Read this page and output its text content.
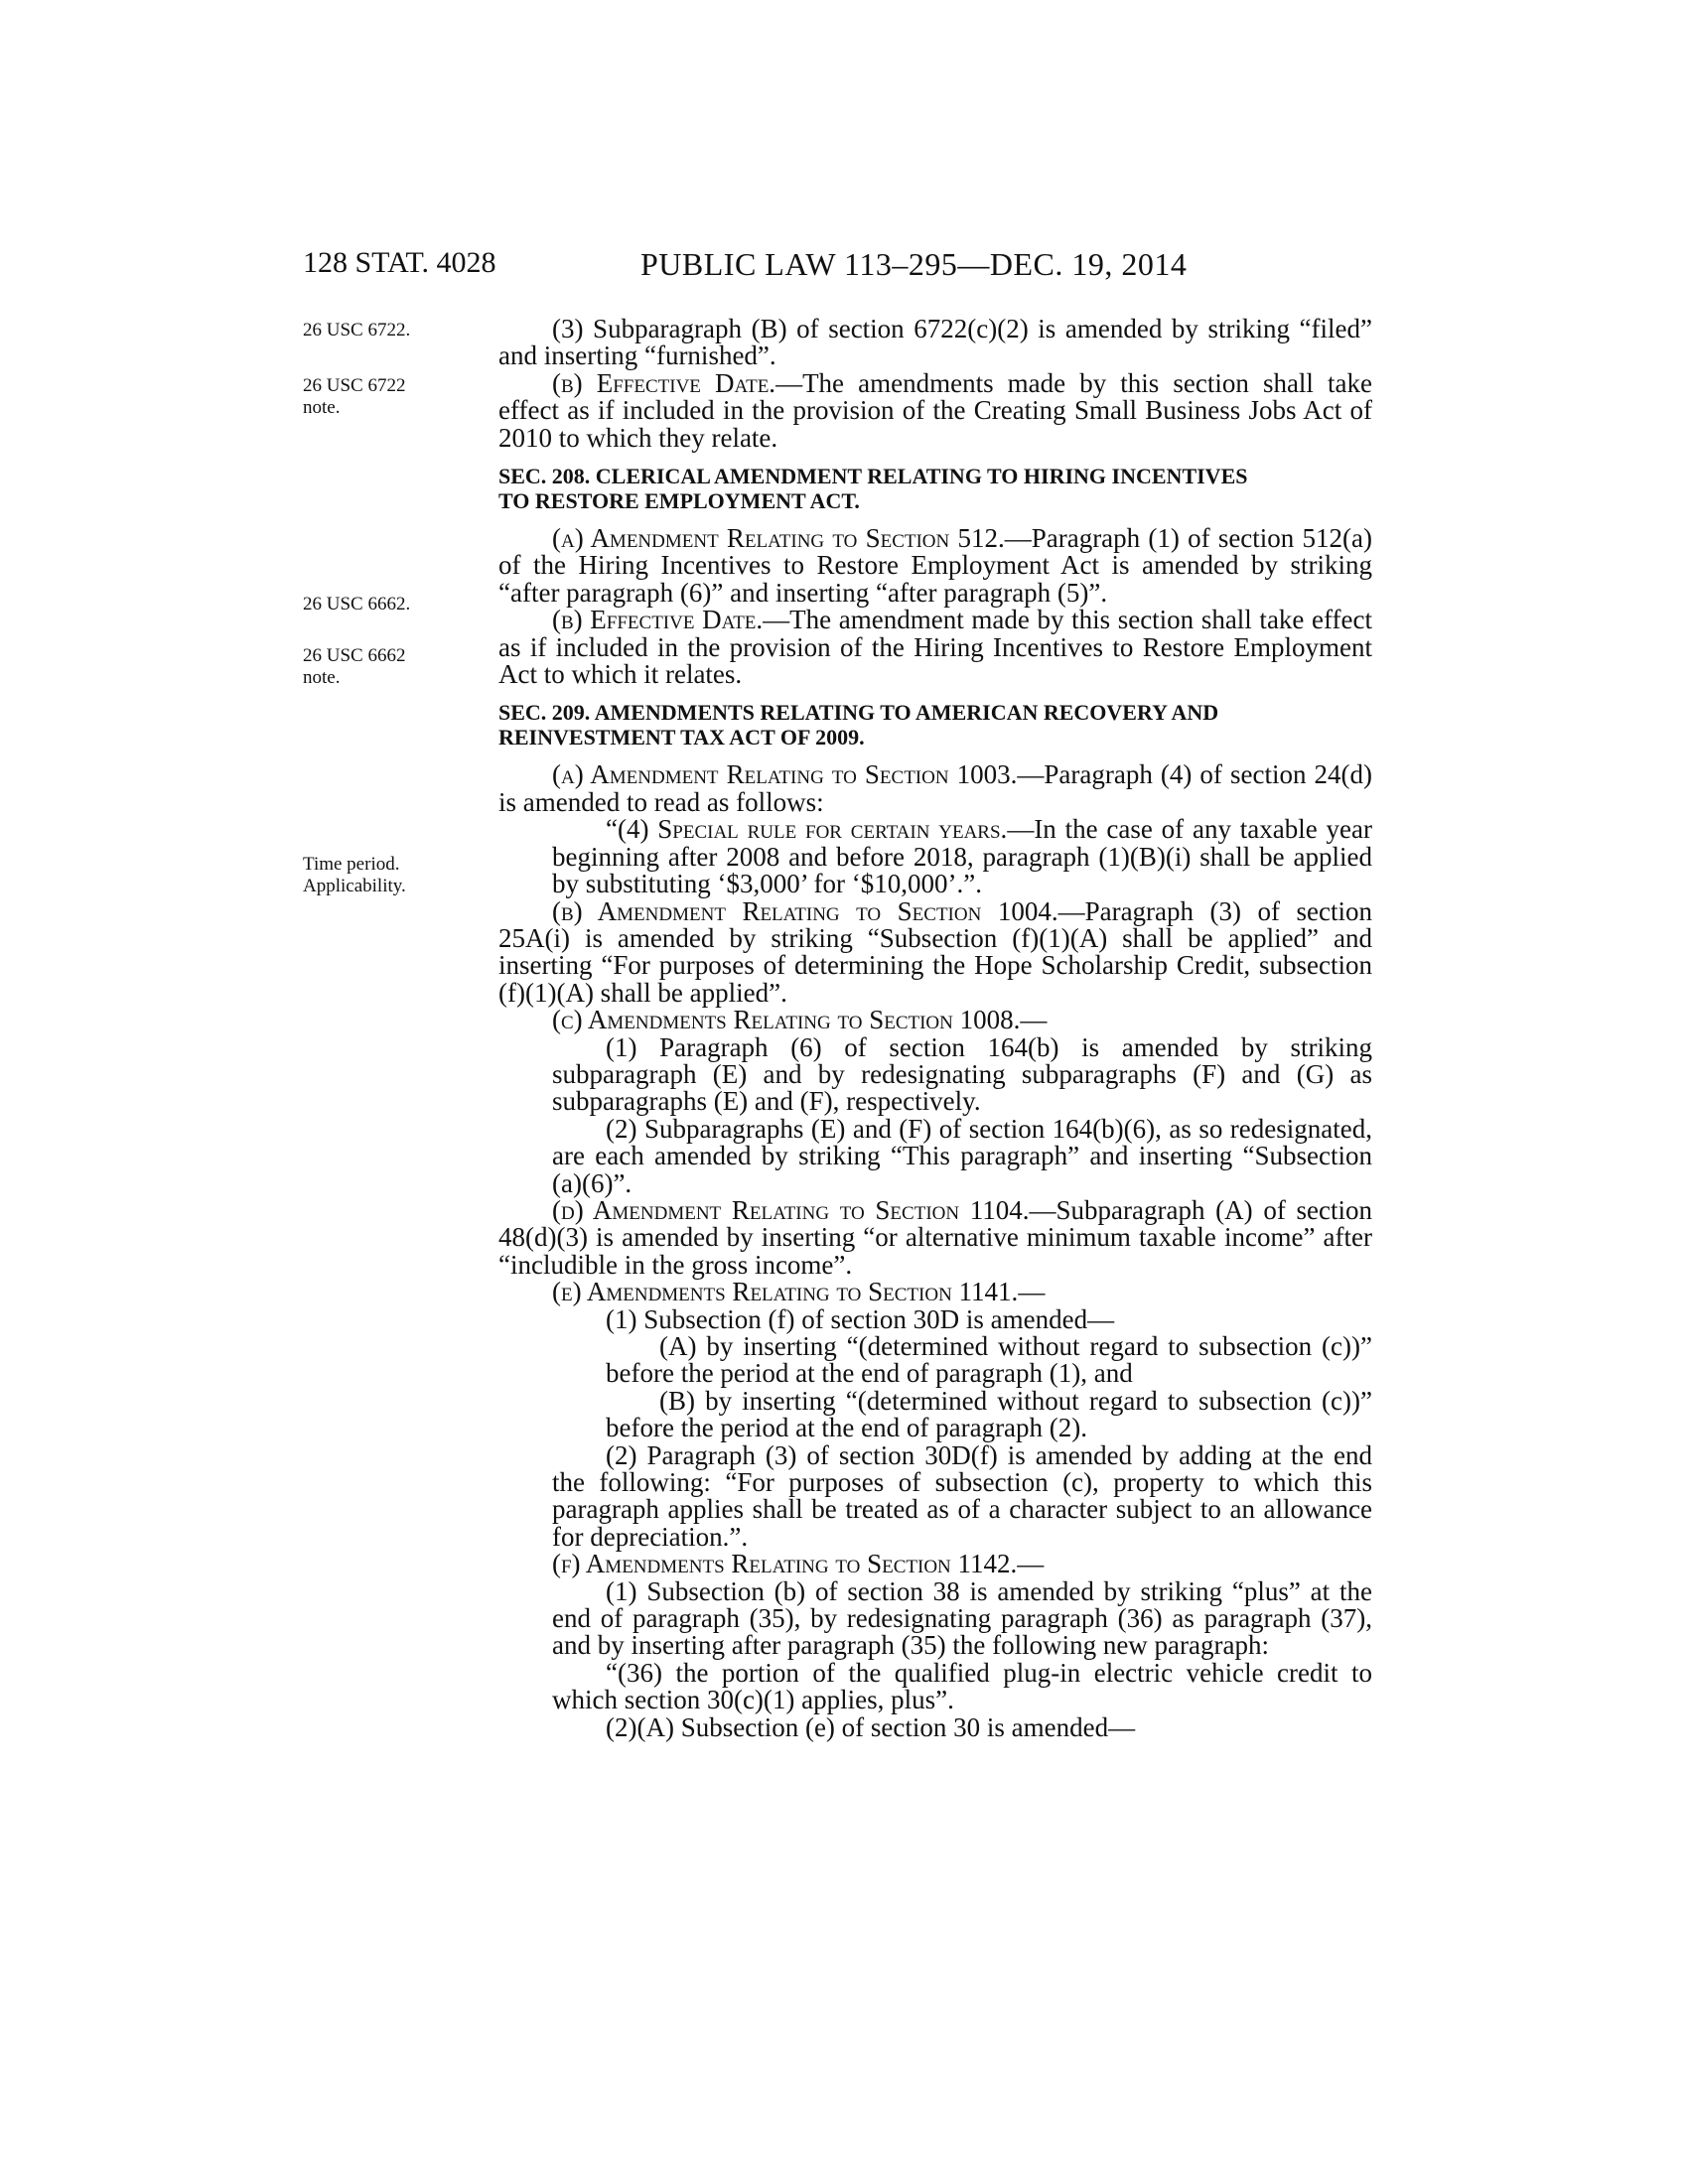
128 STAT. 4028	PUBLIC LAW 113–295—DEC. 19, 2014
26 USC 6722.
26 USC 6722
note.
26 USC 6662.
26 USC 6662
note.
Time period.
Applicability.

(3) Subparagraph (B) of section 6722(c)(2) is amended by striking “filed” and inserting “furnished”.

(b) Effective Date.—The amendments made by this section shall take effect as if included in the provision of the Creating Small Business Jobs Act of 2010 to which they relate.

SEC. 208. CLERICAL AMENDMENT RELATING TO HIRING INCENTIVES
TO RESTORE EMPLOYMENT ACT.

(a) Amendment Relating to Section 512.—Paragraph (1) of section 512(a) of the Hiring Incentives to Restore Employment Act is amended by striking “after paragraph (6)” and inserting “after paragraph (5)”.

(b) Effective Date.—The amendment made by this section shall take effect as if included in the provision of the Hiring Incentives to Restore Employment Act to which it relates.

SEC. 209. AMENDMENTS RELATING TO AMERICAN RECOVERY AND
REINVESTMENT TAX ACT OF 2009.

(a) Amendment Relating to Section 1003.—Paragraph (4) of section 24(d) is amended to read as follows:

“(4) Special rule for certain years.—In the case of any taxable year beginning after 2008 and before 2018, paragraph (1)(B)(i) shall be applied by substituting ‘$3,000’ for ‘$10,000’.”.

(b) Amendment Relating to Section 1004.—Paragraph (3) of section 25A(i) is amended by striking “Subsection (f)(1)(A) shall be applied” and inserting “For purposes of determining the Hope Scholarship Credit, subsection (f)(1)(A) shall be applied”.

(c) Amendments Relating to Section 1008.—

(1) Paragraph (6) of section 164(b) is amended by striking subparagraph (E) and by redesignating subparagraphs (F) and (G) as subparagraphs (E) and (F), respectively.

(2) Subparagraphs (E) and (F) of section 164(b)(6), as so redesignated, are each amended by striking “This paragraph” and inserting “Subsection (a)(6)”.

(d) Amendment Relating to Section 1104.—Subparagraph (A) of section 48(d)(3) is amended by inserting “or alternative minimum taxable income” after “includible in the gross income”.

(e) Amendments Relating to Section 1141.—

(1) Subsection (f) of section 30D is amended—

(A) by inserting “(determined without regard to subsection (c))” before the period at the end of paragraph (1), and

(B) by inserting “(determined without regard to subsection (c))” before the period at the end of paragraph (2).

(2) Paragraph (3) of section 30D(f) is amended by adding at the end the following: “For purposes of subsection (c), property to which this paragraph applies shall be treated as of a character subject to an allowance for depreciation.”.

(f) Amendments Relating to Section 1142.—

(1) Subsection (b) of section 38 is amended by striking “plus” at the end of paragraph (35), by redesignating paragraph (36) as paragraph (37), and by inserting after paragraph (35) the following new paragraph:

“(36) the portion of the qualified plug-in electric vehicle credit to which section 30(c)(1) applies, plus”.

(2)(A) Subsection (e) of section 30 is amended—
